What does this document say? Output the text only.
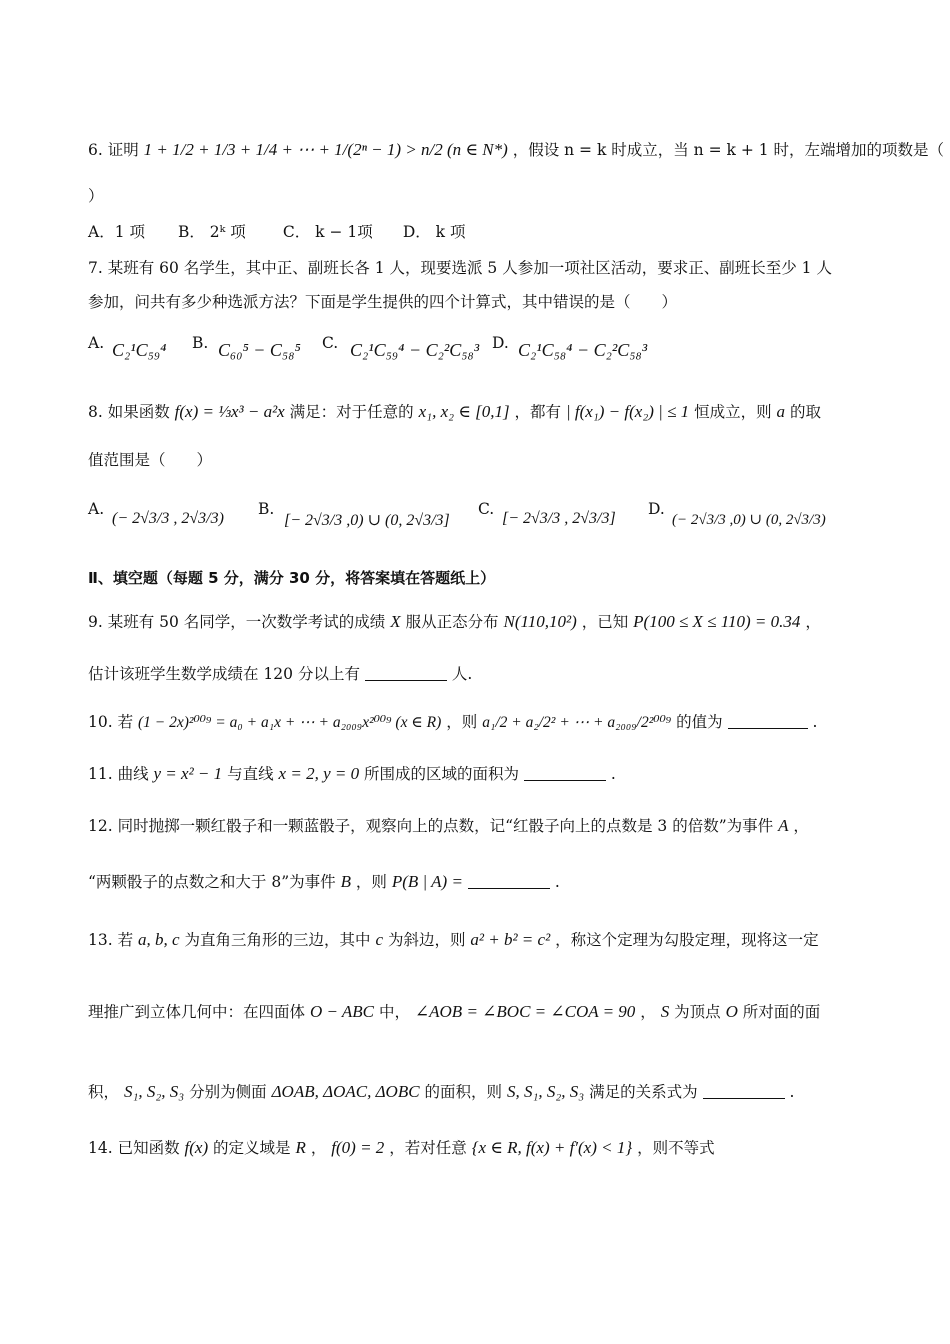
6. 证明 1 + 1/2 + 1/3 + 1/4 + ⋯ + 1/(2ⁿ − 1) > n/2 (n ∈ N*) ，假设 n = k 时成立，当 n = k + 1 时，左端增加的项数是（
）
A．1 项 B． 2ᵏ 项 C． k − 1项 D． k 项
7. 某班有 60 名学生，其中正、副班长各 1 人，现要选派 5 人参加一项社区活动，要求正、副班长至少 1 人
参加，问共有多少种选派方法？下面是学生提供的四个计算式，其中错误的是（　　）
A. C₂¹C₅₉⁴ B. C₆₀⁵ − C₅₈⁵ C. C₂¹C₅₉⁴ − C₂²C₅₈³ D. C₂¹C₅₈⁴ − C₂²C₅₈³
8. 如果函数 f(x) = ⅓x³ − a²x 满足：对于任意的 x₁, x₂ ∈ [0,1] ，都有 | f(x₁) − f(x₂) | ≤ 1 恒成立，则 a 的取
值范围是（　　）
A.
(− 2√3/3 , 2√3/3)
B.
[− 2√3/3 ,0) ∪ (0, 2√3/3]
C.
[− 2√3/3 , 2√3/3]
D.
(− 2√3/3 ,0) ∪ (0, 2√3/3)
Ⅱ、填空题（每题 5 分，满分 30 分，将答案填在答题纸上）
9. 某班有 50 名同学，一次数学考试的成绩 X 服从正态分布 N(110,10²) ，已知 P(100 ≤ X ≤ 110) = 0.34 ，
估计该班学生数学成绩在 120 分以上有	人.
10. 若 (1 − 2x)²⁰⁰⁹ = a₀ + a₁x + ⋯ + a₂₀₀₉x²⁰⁰⁹ (x ∈ R) ，则 a₁/2 + a₂/2² + ⋯ + a₂₀₀₉/2²⁰⁰⁹ 的值为	.
11. 曲线 y = x² − 1 与直线 x = 2, y = 0 所围成的区域的面积为	.
12. 同时抛掷一颗红骰子和一颗蓝骰子，观察向上的点数，记“红骰子向上的点数是 3 的倍数”为事件 A ，
“两颗骰子的点数之和大于 8”为事件 B ，则 P(B | A) =	.
13. 若 a, b, c 为直角三角形的三边，其中 c 为斜边，则 a² + b² = c² ，称这个定理为勾股定理，现将这一定
理推广到立体几何中：在四面体 O − ABC 中， ∠AOB = ∠BOC = ∠COA = 90 ， S 为顶点 O 所对面的面
积， S₁, S₂, S₃ 分别为侧面 ΔOAB, ΔOAC, ΔOBC 的面积，则 S, S₁, S₂, S₃ 满足的关系式为	.
14. 已知函数 f(x) 的定义域是 R ， f(0) = 2 ，若对任意 {x ∈ R, f(x) + f′(x) < 1} ，则不等式
